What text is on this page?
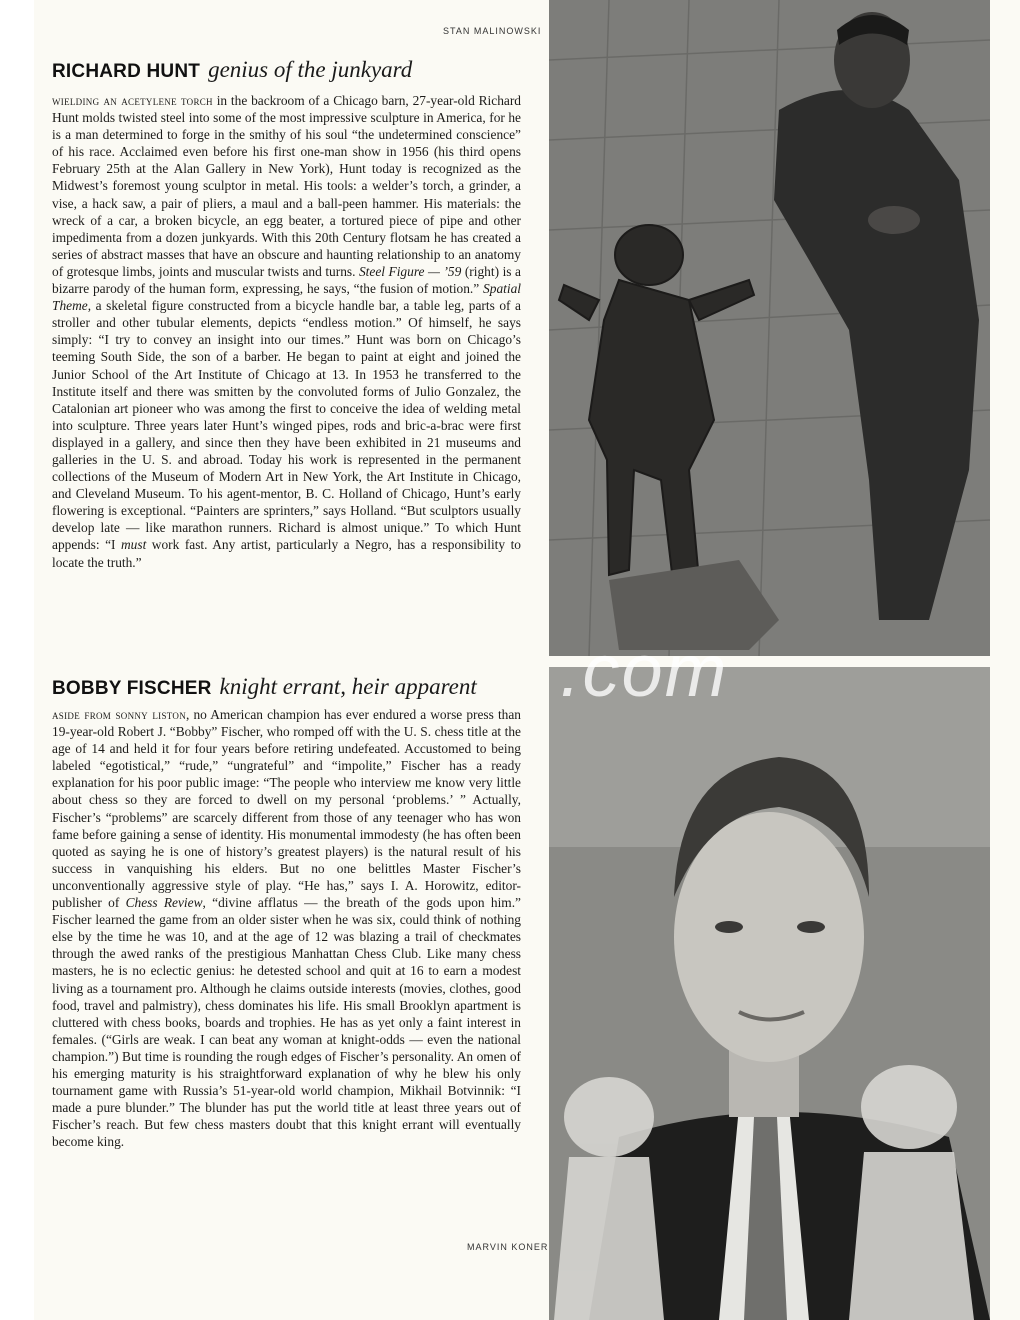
STAN MALINOWSKI
.com
RICHARD HUNT genius of the junkyard
wielding an acetylene torch in the backroom of a Chicago barn, 27-year-old Richard Hunt molds twisted steel into some of the most impressive sculpture in America, for he is a man determined to forge in the smithy of his soul “the undetermined conscience” of his race. Acclaimed even before his first one-man show in 1956 (his third opens February 25th at the Alan Gallery in New York), Hunt today is recognized as the Midwest’s foremost young sculptor in metal. His tools: a welder’s torch, a grinder, a vise, a hack saw, a pair of pliers, a maul and a ball-peen hammer. His materials: the wreck of a car, a broken bicycle, an egg beater, a tortured piece of pipe and other impedimenta from a dozen junkyards. With this 20th Century flotsam he has created a series of abstract masses that have an obscure and haunting relationship to an anatomy of grotesque limbs, joints and muscular twists and turns. Steel Figure — ’59 (right) is a bizarre parody of the human form, expressing, he says, “the fusion of motion.” Spatial Theme, a skeletal figure constructed from a bicycle handle bar, a table leg, parts of a stroller and other tubular elements, depicts “endless motion.” Of himself, he says simply: “I try to convey an insight into our times.” Hunt was born on Chicago’s teeming South Side, the son of a barber. He began to paint at eight and joined the Junior School of the Art Institute of Chicago at 13. In 1953 he transferred to the Institute itself and there was smitten by the convoluted forms of Julio Gonzalez, the Catalonian art pioneer who was among the first to conceive the idea of welding metal into sculpture. Three years later Hunt’s winged pipes, rods and bric-a-brac were first displayed in a gallery, and since then they have been exhibited in 21 museums and galleries in the U. S. and abroad. Today his work is represented in the permanent collections of the Museum of Modern Art in New York, the Art Institute in Chicago, and Cleveland Museum. To his agent-mentor, B. C. Holland of Chicago, Hunt’s early flowering is exceptional. “Painters are sprinters,” says Holland. “But sculptors usually develop late — like marathon runners. Richard is almost unique.” To which Hunt appends: “I must work fast. Any artist, particularly a Negro, has a responsibility to locate the truth.”
BOBBY FISCHER knight errant, heir apparent
aside from sonny liston, no American champion has ever endured a worse press than 19-year-old Robert J. “Bobby” Fischer, who romped off with the U. S. chess title at the age of 14 and held it for four years before retiring undefeated. Accustomed to being labeled “egotistical,” “rude,” “ungrateful” and “impolite,” Fischer has a ready explanation for his poor public image: “The people who interview me know very little about chess so they are forced to dwell on my personal ‘problems.’ ” Actually, Fischer’s “problems” are scarcely different from those of any teenager who has won fame before gaining a sense of identity. His monumental immodesty (he has often been quoted as saying he is one of history’s greatest players) is the natural result of his success in vanquishing his elders. But no one belittles Master Fischer’s unconventionally aggressive style of play. “He has,” says I. A. Horowitz, editor-publisher of Chess Review, “divine afflatus — the breath of the gods upon him.” Fischer learned the game from an older sister when he was six, could think of nothing else by the time he was 10, and at the age of 12 was blazing a trail of checkmates through the awed ranks of the prestigious Manhattan Chess Club. Like many chess masters, he is no eclectic genius: he detested school and quit at 16 to earn a modest living as a tournament pro. Although he claims outside interests (movies, clothes, good food, travel and palmistry), chess dominates his life. His small Brooklyn apartment is cluttered with chess books, boards and trophies. He has as yet only a faint interest in females. (“Girls are weak. I can beat any woman at knight-odds — even the national champion.”) But time is rounding the rough edges of Fischer’s personality. An omen of his emerging maturity is his straightforward explanation of why he blew his only tournament game with Russia’s 51-year-old world champion, Mikhail Botvinnik: “I made a pure blunder.” The blunder has put the world title at least three years out of Fischer’s reach. But few chess masters doubt that this knight errant will eventually become king.
MARVIN KONER
